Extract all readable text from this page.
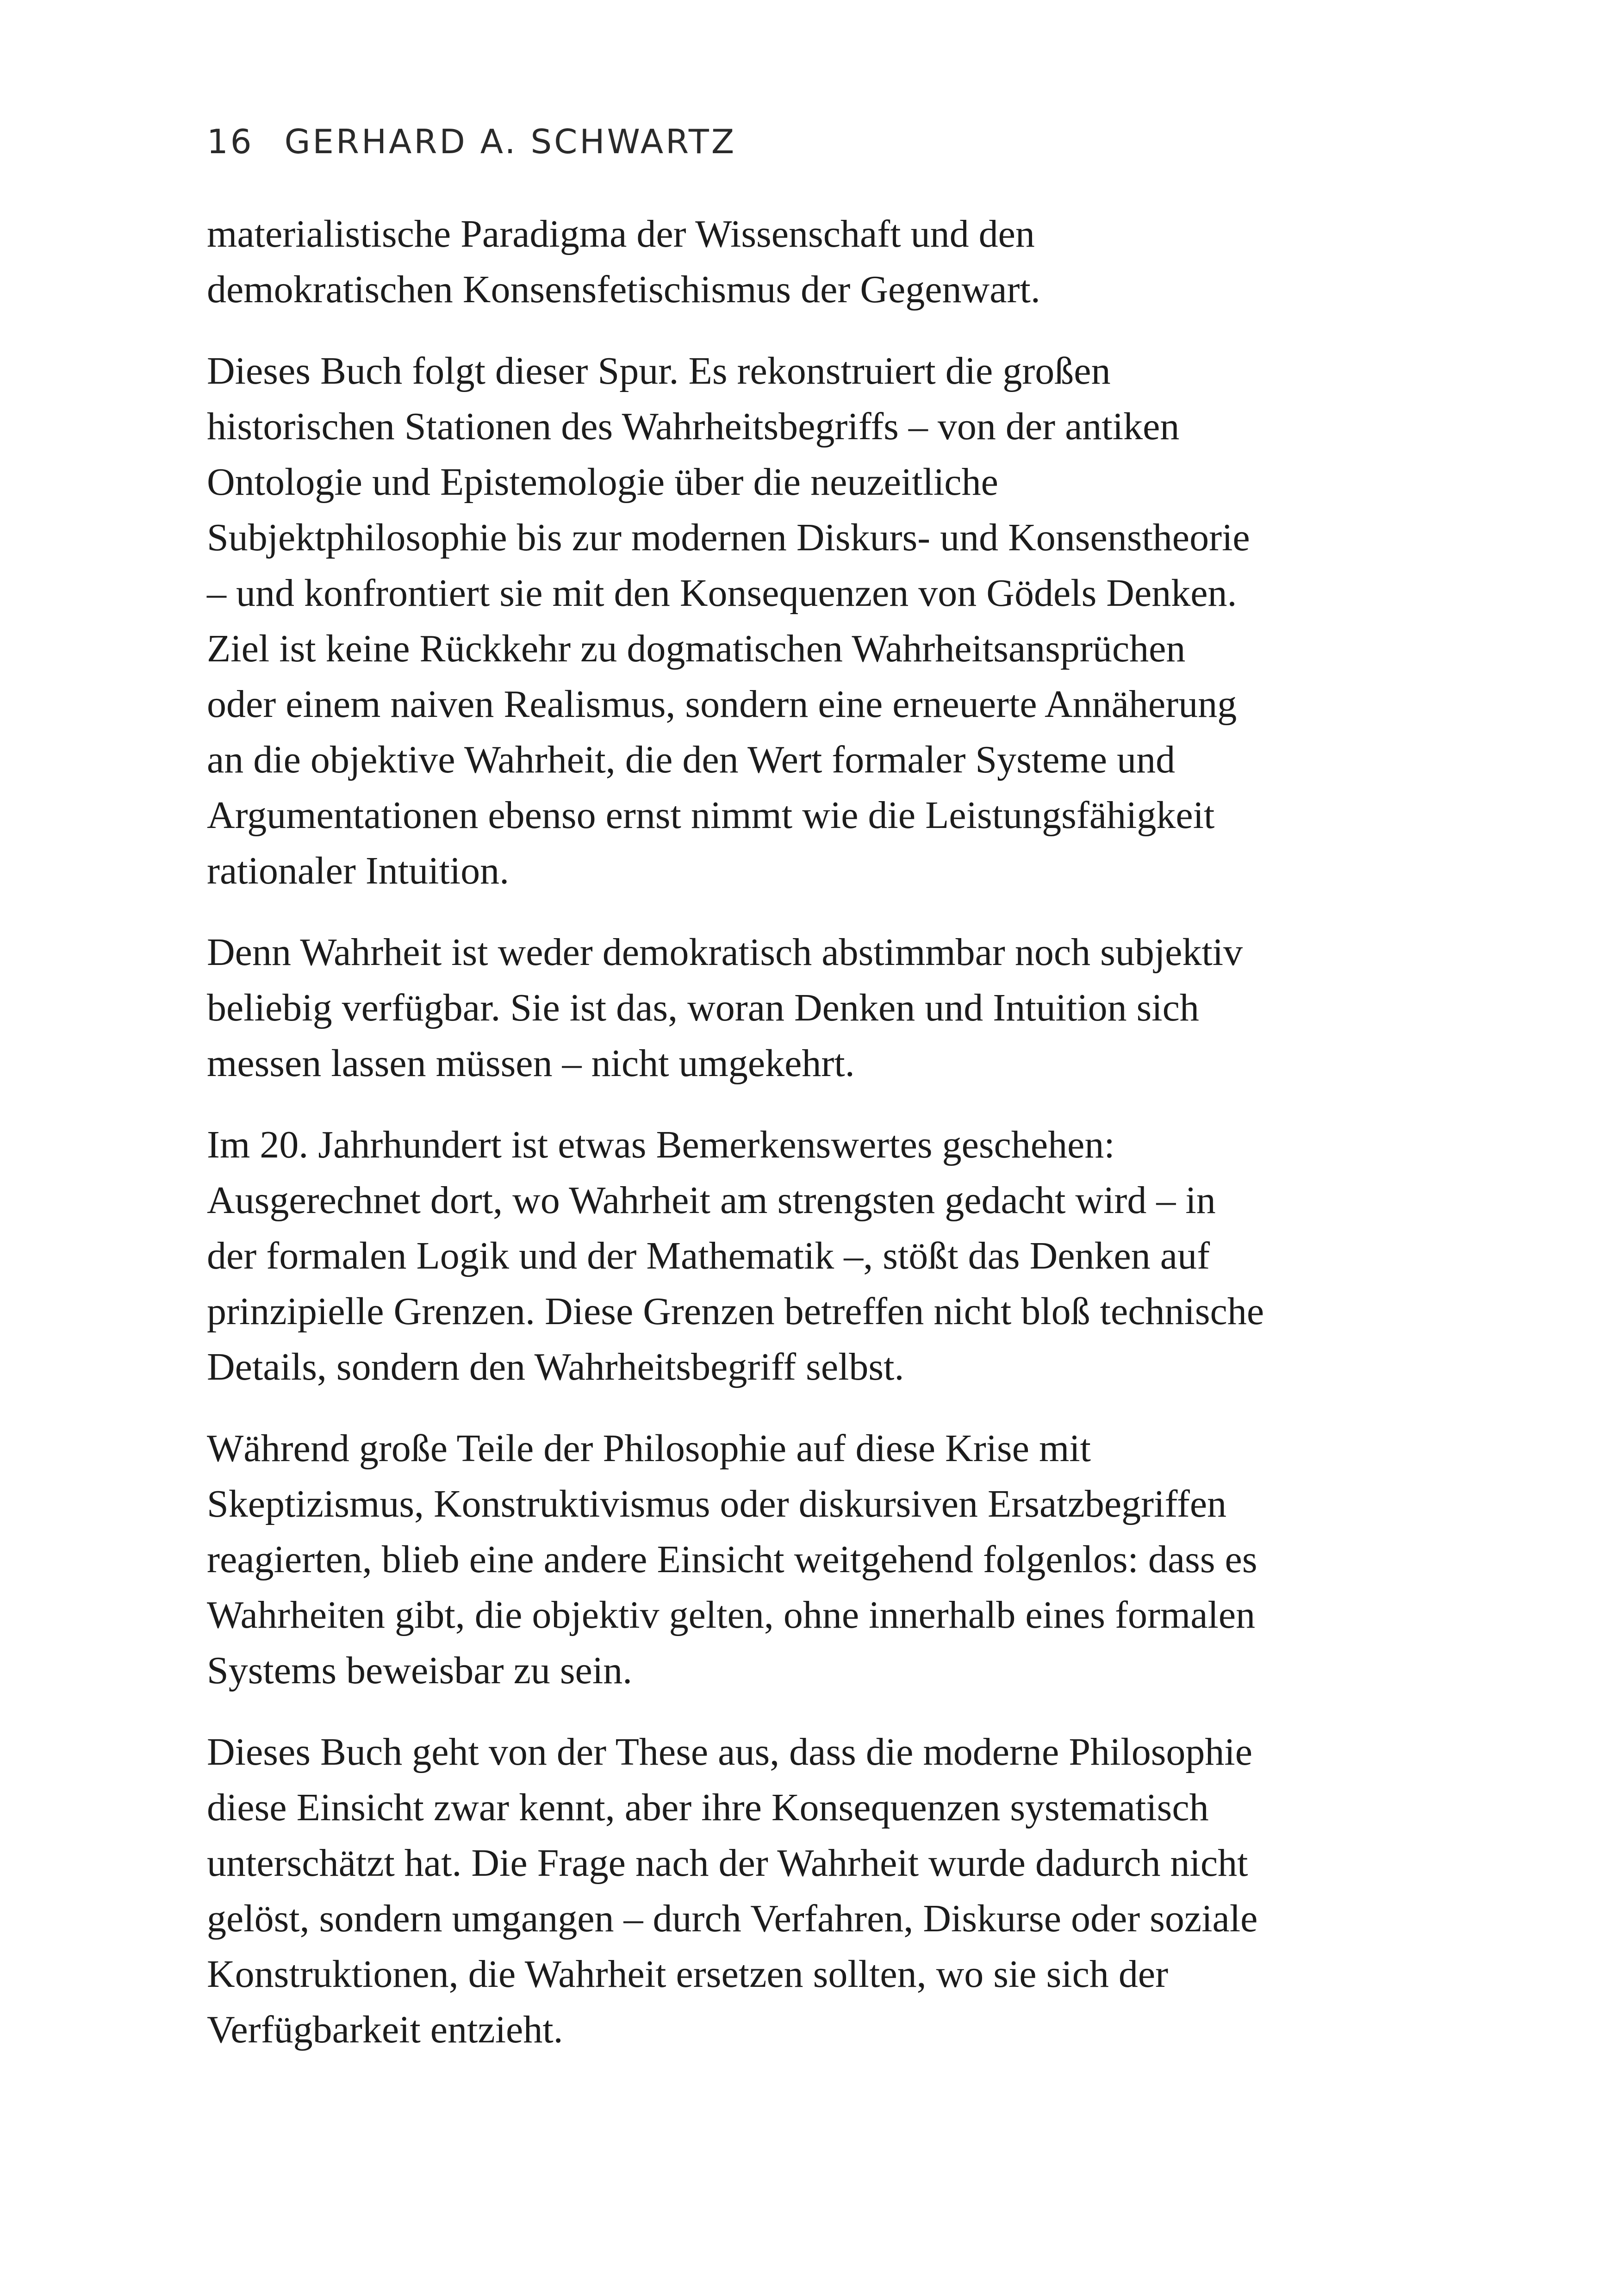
16 GERHARD A. SCHWARTZ

materialistische Paradigma der Wissenschaft und den
demokratischen Konsensfetischismus der Gegenwart.

Dieses Buch folgt dieser Spur. Es rekonstruiert die großen
historischen Stationen des Wahrheitsbegriffs – von der antiken
Ontologie und Epistemologie über die neuzeitliche
Subjektphilosophie bis zur modernen Diskurs- und Konsenstheorie
– und konfrontiert sie mit den Konsequenzen von Gödels Denken.
Ziel ist keine Rückkehr zu dogmatischen Wahrheitsansprüchen
oder einem naiven Realismus, sondern eine erneuerte Annäherung
an die objektive Wahrheit, die den Wert formaler Systeme und
Argumentationen ebenso ernst nimmt wie die Leistungsfähigkeit
rationaler Intuition.

Denn Wahrheit ist weder demokratisch abstimmbar noch subjektiv
beliebig verfügbar. Sie ist das, woran Denken und Intuition sich
messen lassen müssen – nicht umgekehrt.

Im 20. Jahrhundert ist etwas Bemerkenswertes geschehen:
Ausgerechnet dort, wo Wahrheit am strengsten gedacht wird – in
der formalen Logik und der Mathematik –, stößt das Denken auf
prinzipielle Grenzen. Diese Grenzen betreffen nicht bloß technische
Details, sondern den Wahrheitsbegriff selbst.

Während große Teile der Philosophie auf diese Krise mit
Skeptizismus, Konstruktivismus oder diskursiven Ersatzbegriffen
reagierten, blieb eine andere Einsicht weitgehend folgenlos: dass es
Wahrheiten gibt, die objektiv gelten, ohne innerhalb eines formalen
Systems beweisbar zu sein.

Dieses Buch geht von der These aus, dass die moderne Philosophie
diese Einsicht zwar kennt, aber ihre Konsequenzen systematisch
unterschätzt hat. Die Frage nach der Wahrheit wurde dadurch nicht
gelöst, sondern umgangen – durch Verfahren, Diskurse oder soziale
Konstruktionen, die Wahrheit ersetzen sollten, wo sie sich der
Verfügbarkeit entzieht.
